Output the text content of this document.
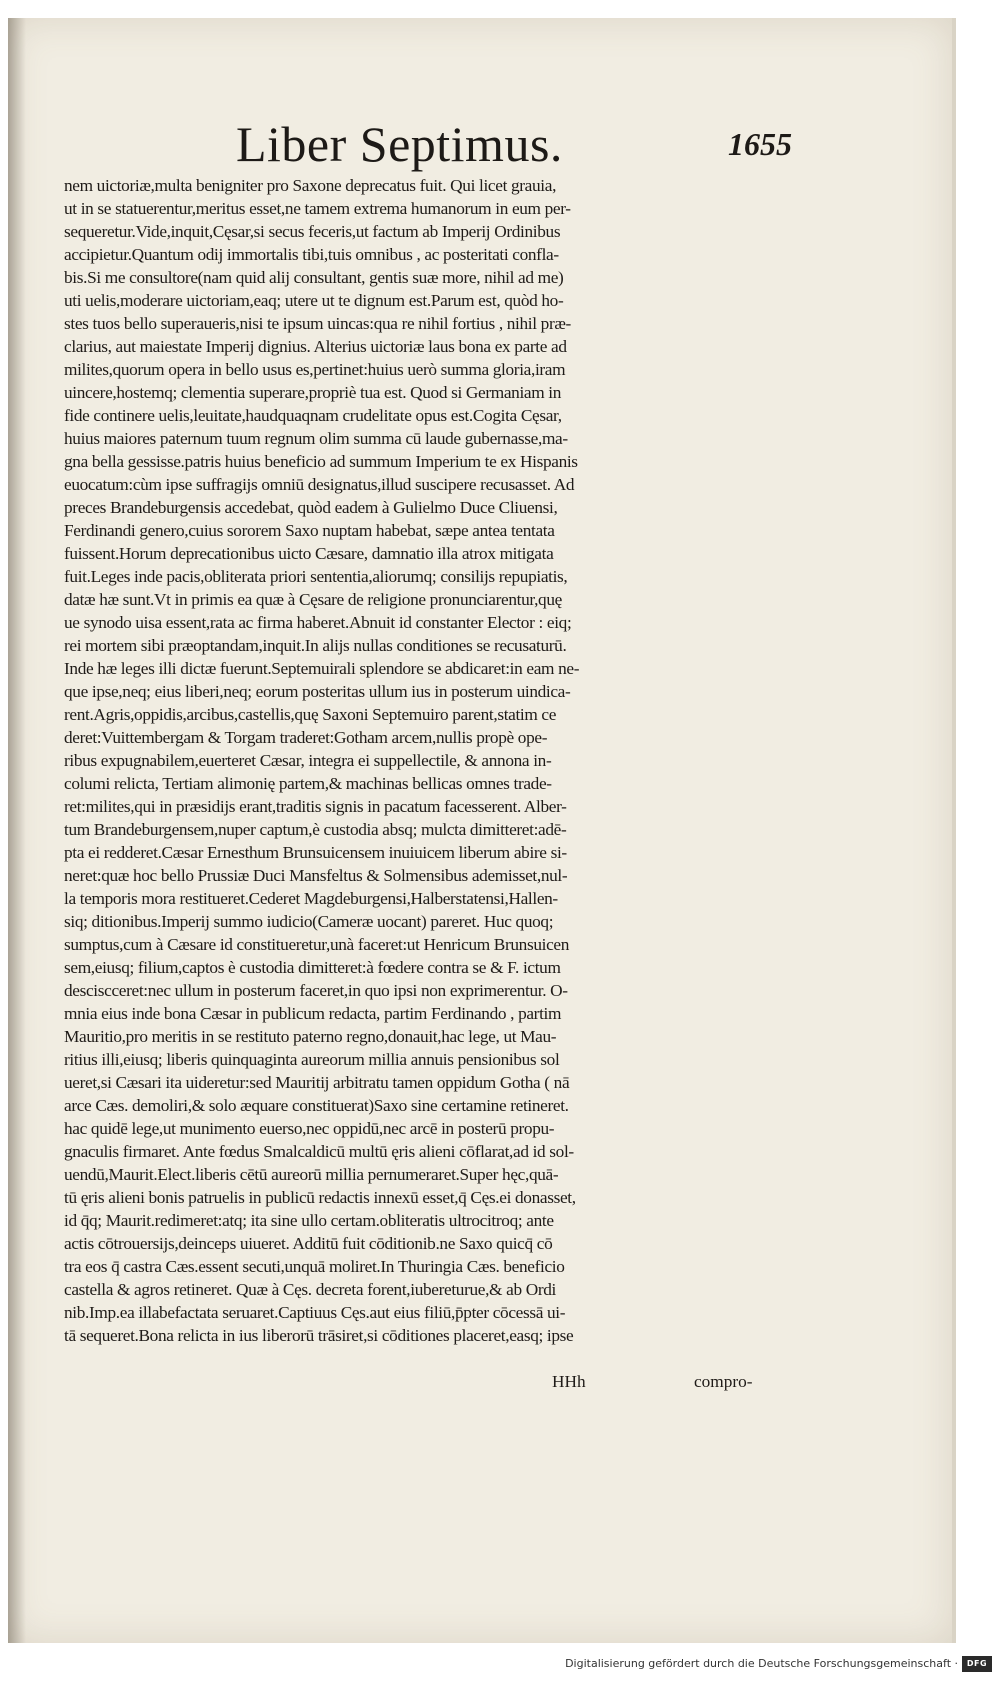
Liber Septimus.	1655
nem uictoriæ,multa benigniter pro Saxone deprecatus fuit. Qui licet grauia,
ut in se statuerentur,meritus esset,ne tamem extrema humanorum in eum per-
sequeretur.Vide,inquit,Cęsar,si secus feceris,ut factum ab Imperij Ordinibus
accipietur.Quantum odij immortalis tibi,tuis omnibus , ac posteritati confla-
bis.Si me consultore(nam quid alij consultant, gentis suæ more, nihil ad me)
uti uelis,moderare uictoriam,eaq; utere ut te dignum est.Parum est, quòd ho-
stes tuos bello superaueris,nisi te ipsum uincas:qua re nihil fortius , nihil præ-
clarius, aut maiestate Imperij dignius. Alterius uictoriæ laus bona ex parte ad
milites,quorum opera in bello usus es,pertinet:huius uerò summa gloria,iram
uincere,hostemq; clementia superare,propriè tua est. Quod si Germaniam in
fide continere uelis,leuitate,haudquaqnam crudelitate opus est.Cogita Cęsar,
huius maiores paternum tuum regnum olim summa cū laude gubernasse,ma-
gna bella gessisse.patris huius beneficio ad summum Imperium te ex Hispanis
euocatum:cùm ipse suffragijs omniū designatus,illud suscipere recusasset. Ad
preces Brandeburgensis accedebat, quòd eadem à Gulielmo Duce Cliuensi,
Ferdinandi genero,cuius sororem Saxo nuptam habebat, sæpe antea tentata
fuissent.Horum deprecationibus uicto Cæsare, damnatio illa atrox mitigata
fuit.Leges inde pacis,obliterata priori sententia,aliorumq; consilijs repupiatis,
datæ hæ sunt.Vt in primis ea quæ à Cęsare de religione pronunciarentur,quę
ue synodo uisa essent,rata ac firma haberet.Abnuit id constanter Elector : eiq;
rei mortem sibi præoptandam,inquit.In alijs nullas conditiones se recusaturū.
Inde hæ leges illi dictæ fuerunt.Septemuirali splendore se abdicaret:in eam ne-
que ipse,neq; eius liberi,neq; eorum posteritas ullum ius in posterum uindica-
rent.Agris,oppidis,arcibus,castellis,quę Saxoni Septemuiro parent,statim ce
deret:Vuittembergam & Torgam traderet:Gotham arcem,nullis propè ope-
ribus expugnabilem,euerteret Cæsar, integra ei suppellectile, & annona in-
columi relicta, Tertiam alimonię partem,& machinas bellicas omnes trade-
ret:milites,qui in præsidijs erant,traditis signis in pacatum facesserent. Alber-
tum Brandeburgensem,nuper captum,è custodia absq; mulcta dimitteret:adē-
pta ei redderet.Cæsar Ernesthum Brunsuicensem inuiuicem liberum abire si-
neret:quæ hoc bello Prussiæ Duci Mansfeltus & Solmensibus ademisset,nul-
la temporis mora restitueret.Cederet Magdeburgensi,Halberstatensi,Hallen-
siq; ditionibus.Imperij summo iudicio(Cameræ uocant) pareret. Huc quoq;
sumptus,cum à Cæsare id constitueretur,unà faceret:ut Henricum Brunsuicen
sem,eiusq; filium,captos è custodia dimitteret:à fœdere contra se & F. ictum
desciscceret:nec ullum in posterum faceret,in quo ipsi non exprimerentur. O-
mnia eius inde bona Cæsar in publicum redacta, partim Ferdinando , partim
Mauritio,pro meritis in se restituto paterno regno,donauit,hac lege, ut Mau-
ritius illi,eiusq; liberis quinquaginta aureorum millia annuis pensionibus sol
ueret,si Cæsari ita uideretur:sed Mauritij arbitratu tamen oppidum Gotha ( nā
arce Cæs. demoliri,& solo æquare constituerat)Saxo sine certamine retineret.
hac quidē lege,ut munimento euerso,nec oppidū,nec arcē in posterū propu-
gnaculis firmaret. Ante fœdus Smalcaldicū multū ęris alieni cōflarat,ad id sol-
uendū,Maurit.Elect.liberis cētū aureorū millia pernumeraret.Super hęc,quā-
tū ęris alieni bonis patruelis in publicū redactis innexū esset,q̄ Cęs.ei donasset,
id q̄q; Maurit.redimeret:atq; ita sine ullo certam.obliteratis ultrocitroq; ante
actis cōtrouersijs,deinceps uiueret. Additū fuit cōditionib.ne Saxo quicq̄ cō
tra eos q̄ castra Cæs.essent secuti,unquā moliret.In Thuringia Cæs. beneficio
castella & agros retineret. Quæ à Cęs. decreta forent,iubereturue,& ab Ordi
nib.Imp.ea illabefactata seruaret.Captiuus Cęs.aut eius filiū,p̄pter cōcessā ui-
tā sequeret.Bona relicta in ius liberorū trāsiret,si cōditiones placeret,easq; ipse
HHh	compro-
Digitalisierung gefördert durch die Deutsche Forschungsgemeinschaft ·	DFG
